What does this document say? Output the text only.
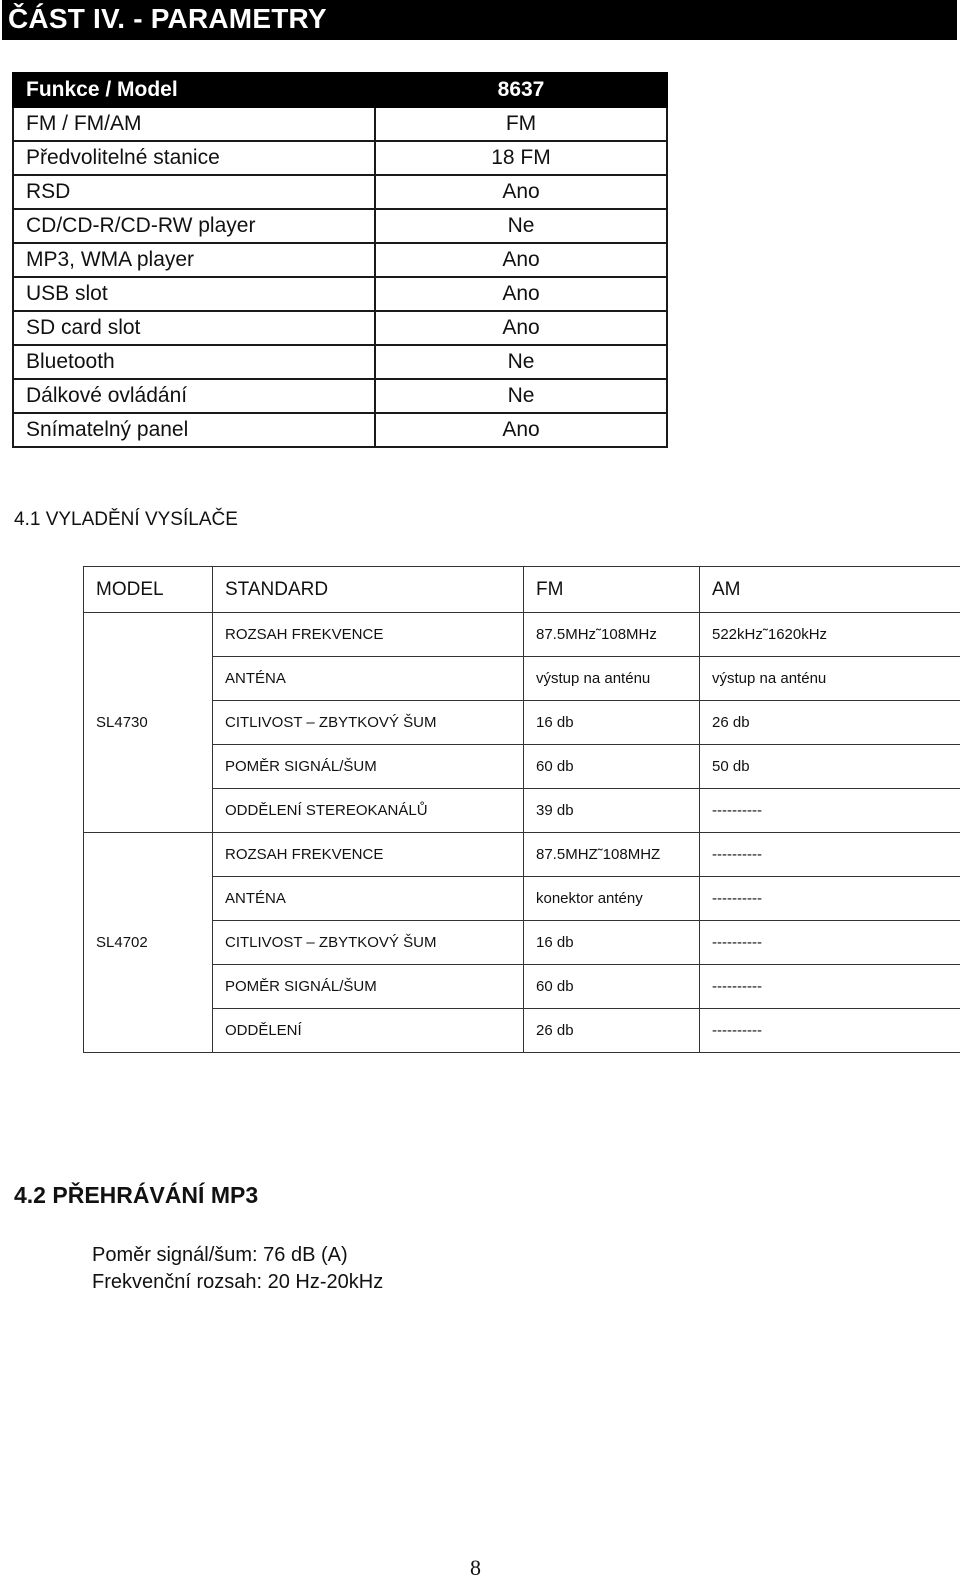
ČÁST IV. - PARAMETRY
Funkce / Model	8637
FM / FM/AM	FM
Předvolitelné stanice	18 FM
RSD	Ano
CD/CD-R/CD-RW player	Ne
MP3, WMA player	Ano
USB slot	Ano
SD card slot	Ano
Bluetooth	Ne
Dálkové ovládání	Ne
Snímatelný panel	Ano
4.1 VYLADĚNÍ VYSÍLAČE
MODEL	STANDARD	FM	AM
SL4730	ROZSAH FREKVENCE	87.5MHz˜108MHz	522kHz˜1620kHz
	ANTÉNA	výstup na anténu	výstup na anténu
	CITLIVOST – ZBYTKOVÝ ŠUM	16 db	26 db
	POMĚR SIGNÁL/ŠUM	60 db	50 db
	ODDĚLENÍ STEREOKANÁLŮ	39 db	----------
SL4702	ROZSAH FREKVENCE	87.5MHZ˜108MHZ	----------
	ANTÉNA	konektor antény	----------
	CITLIVOST – ZBYTKOVÝ ŠUM	16 db	----------
	POMĚR SIGNÁL/ŠUM	60 db	----------
	ODDĚLENÍ	26 db	----------
4.2 PŘEHRÁVÁNÍ MP3
Poměr signál/šum: 76 dB (A)
Frekvenční rozsah: 20 Hz-20kHz
8
